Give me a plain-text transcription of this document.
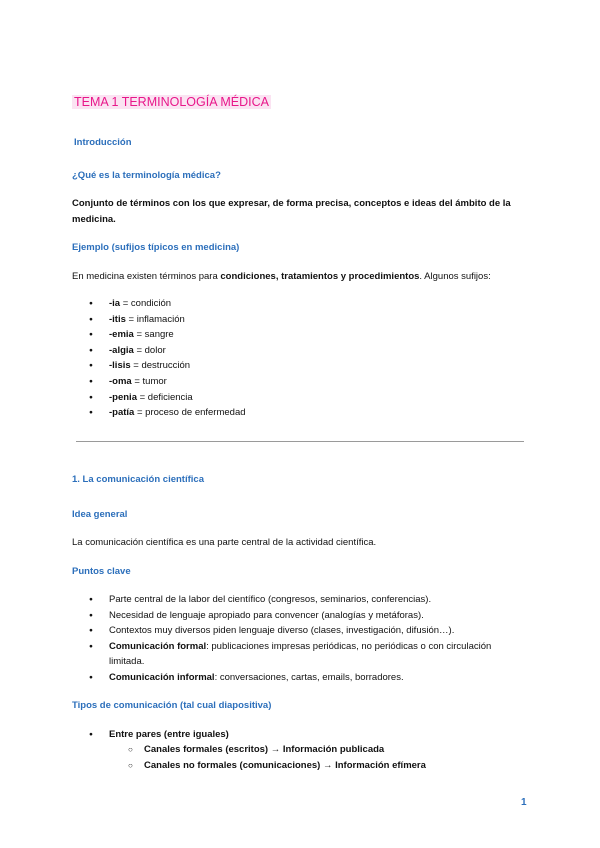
TEMA 1 TERMINOLOGÍA MÉDICA
Introducción
¿Qué es la terminología médica?
Conjunto de términos con los que expresar, de forma precisa, conceptos e ideas del ámbito de la medicina.
Ejemplo (sufijos típicos en medicina)
En medicina existen términos para condiciones, tratamientos y procedimientos. Algunos sufijos:
● -ia = condición
● -itis = inflamación
● -emia = sangre
● -algia = dolor
● -lisis = destrucción
● -oma = tumor
● -penia = deficiencia
● -patía = proceso de enfermedad
1. La comunicación científica
Idea general
La comunicación científica es una parte central de la actividad científica.
Puntos clave
● Parte central de la labor del científico (congresos, seminarios, conferencias).
● Necesidad de lenguaje apropiado para convencer (analogías y metáforas).
● Contextos muy diversos piden lenguaje diverso (clases, investigación, difusión…).
● Comunicación formal: publicaciones impresas periódicas, no periódicas o con circulación limitada.
● Comunicación informal: conversaciones, cartas, emails, borradores.
Tipos de comunicación (tal cual diapositiva)
● Entre pares (entre iguales)
○ Canales formales (escritos) → Información publicada
○ Canales no formales (comunicaciones) → Información efímera
1
